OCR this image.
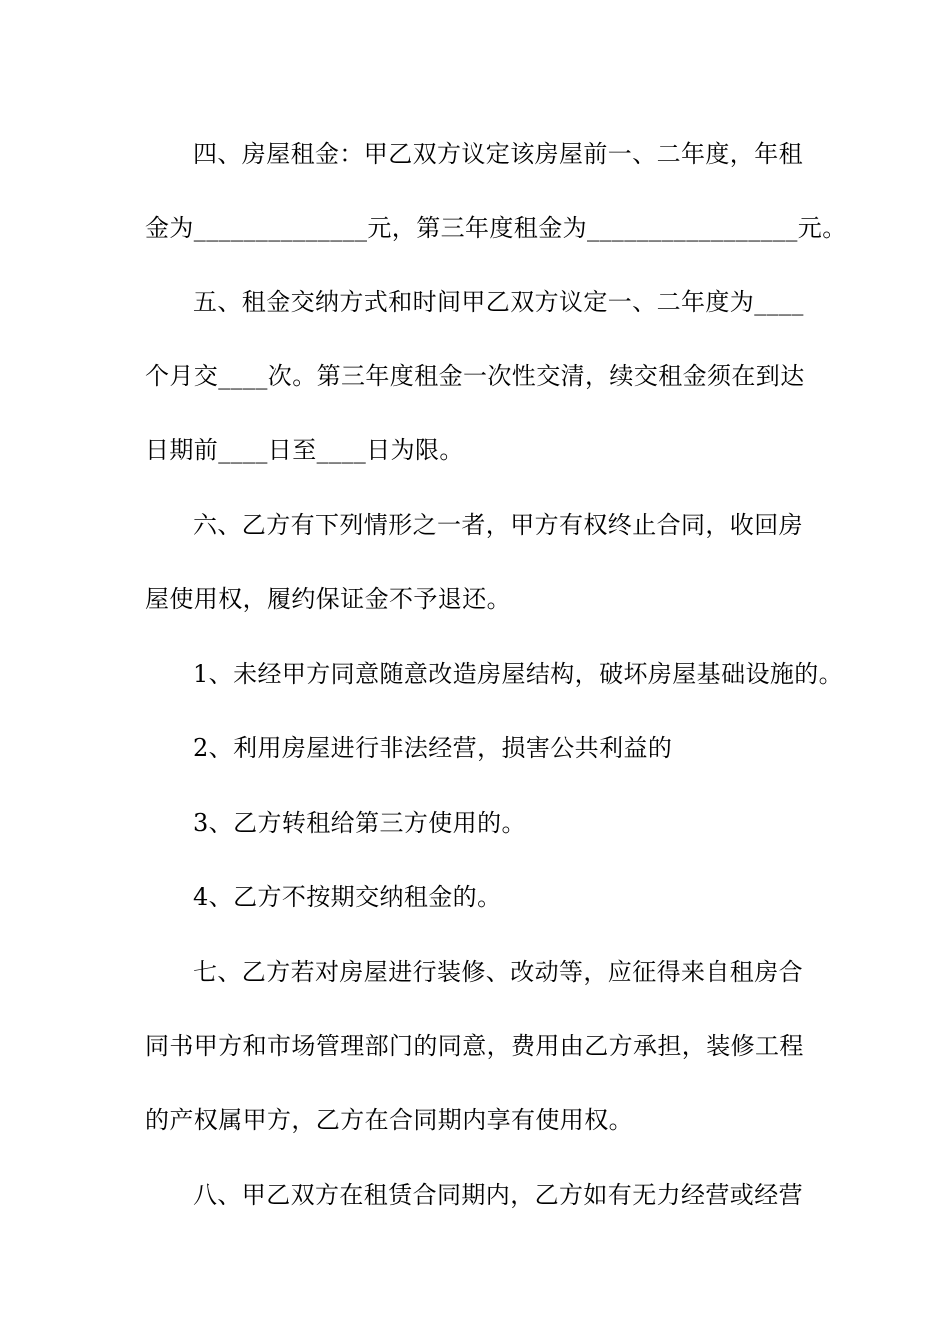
四、房屋租金：甲乙双方议定该房屋前一、二年度，年租
金为______________元，第三年度租金为_________________元。
五、租金交纳方式和时间甲乙双方议定一、二年度为____
个月交____次。第三年度租金一次性交清，续交租金须在到达
日期前____日至____日为限。
六、乙方有下列情形之一者，甲方有权终止合同，收回房
屋使用权，履约保证金不予退还。
1、未经甲方同意随意改造房屋结构，破坏房屋基础设施的。
2、利用房屋进行非法经营，损害公共利益的
3、乙方转租给第三方使用的。
4、乙方不按期交纳租金的。
七、乙方若对房屋进行装修、改动等，应征得来自租房合
同书甲方和市场管理部门的同意，费用由乙方承担，装修工程
的产权属甲方，乙方在合同期内享有使用权。
八、甲乙双方在租赁合同期内，乙方如有无力经营或经营
